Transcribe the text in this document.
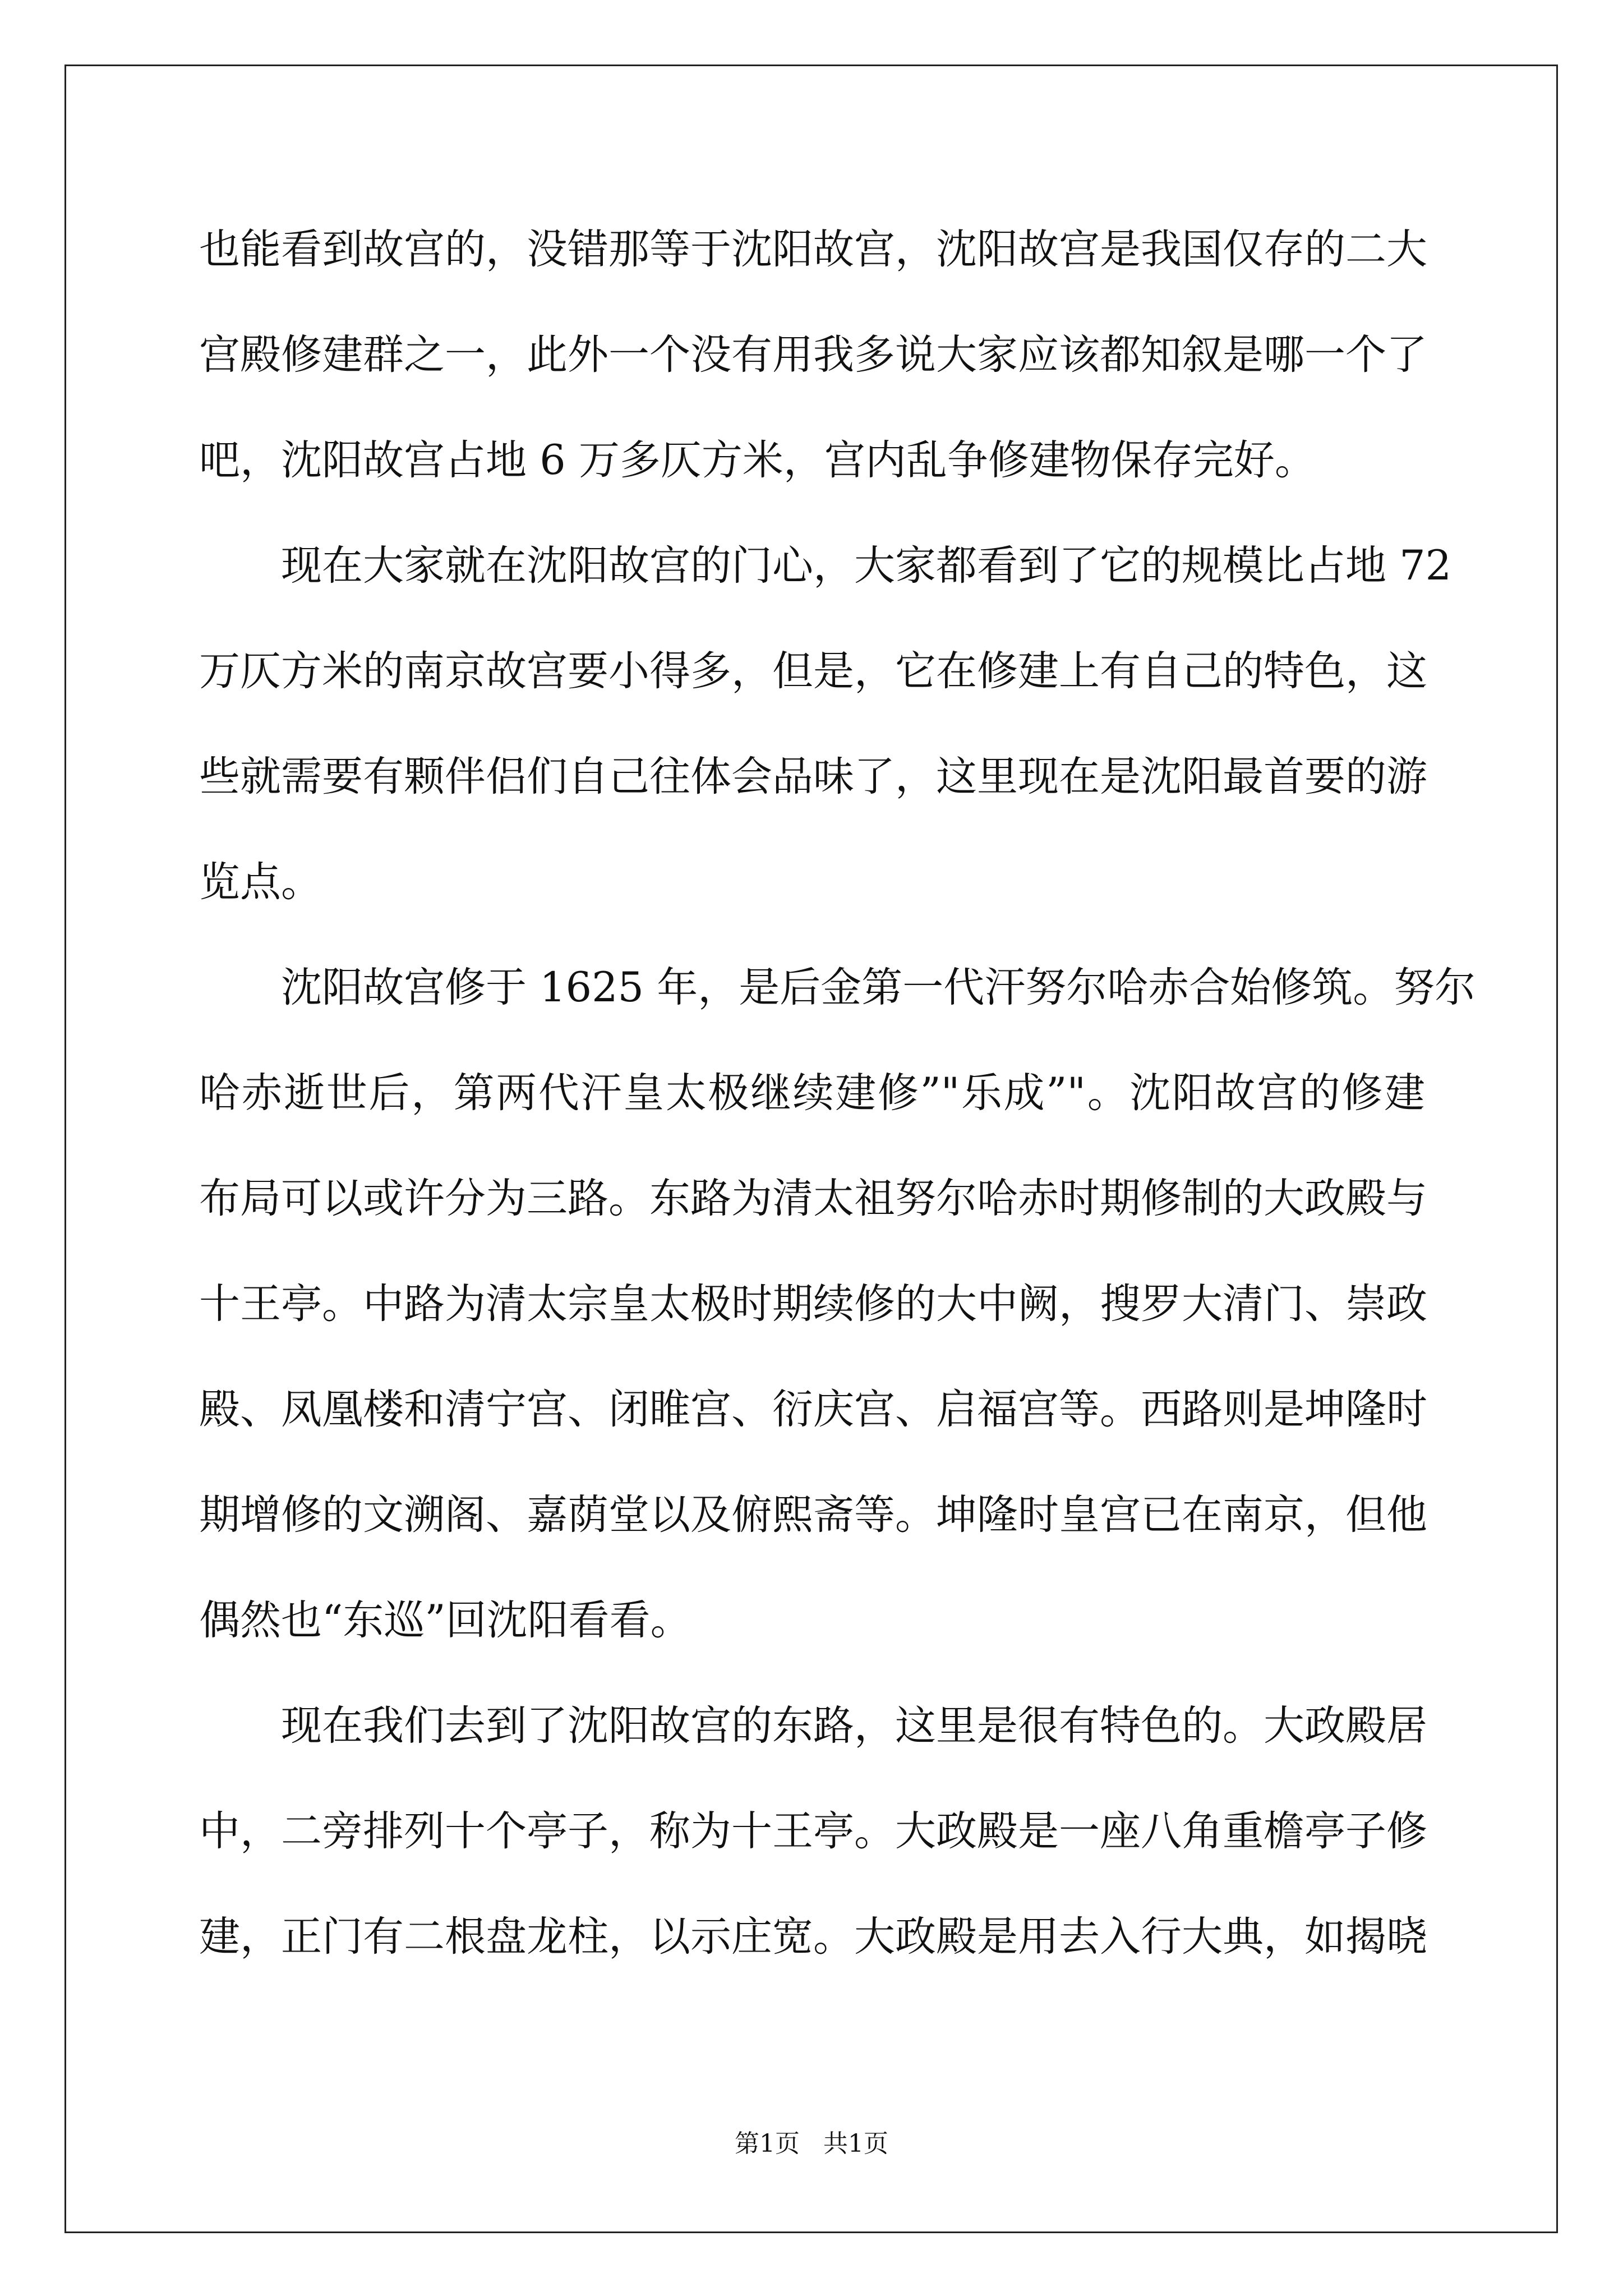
也能看到故宫的，没错那等于沈阳故宫，沈阳故宫是我国仅存的二大
宫殿修建群之一，此外一个没有用我多说大家应该都知叙是哪一个了
吧，沈阳故宫占地 6 万多仄方米，宫内乱争修建物保存完好。
现在大家就在沈阳故宫的门心，大家都看到了它的规模比占地 72
万仄方米的南京故宫要小得多，但是，它在修建上有自己的特色，这
些就需要有颗伴侣们自己往体会品味了，这里现在是沈阳最首要的游
览点。
沈阳故宫修于 1625 年，是后金第一代汗努尔哈赤合始修筑。努尔
哈赤逝世后，第两代汗皇太极继续建修”"乐成”"。沈阳故宫的修建
布局可以或许分为三路。东路为清太祖努尔哈赤时期修制的大政殿与
十王亭。中路为清太宗皇太极时期续修的大中阙，搜罗大清门、崇政
殿、凤凰楼和清宁宫、闭睢宫、衍庆宫、启福宫等。西路则是坤隆时
期增修的文溯阁、嘉荫堂以及俯熙斋等。坤隆时皇宫已在南京，但他
偶然也“东巡”回沈阳看看。
现在我们去到了沈阳故宫的东路，这里是很有特色的。大政殿居
中，二旁排列十个亭子，称为十王亭。大政殿是一座八角重檐亭子修
建，正门有二根盘龙柱，以示庄宽。大政殿是用去入行大典，如揭晓
第1页   共1页
